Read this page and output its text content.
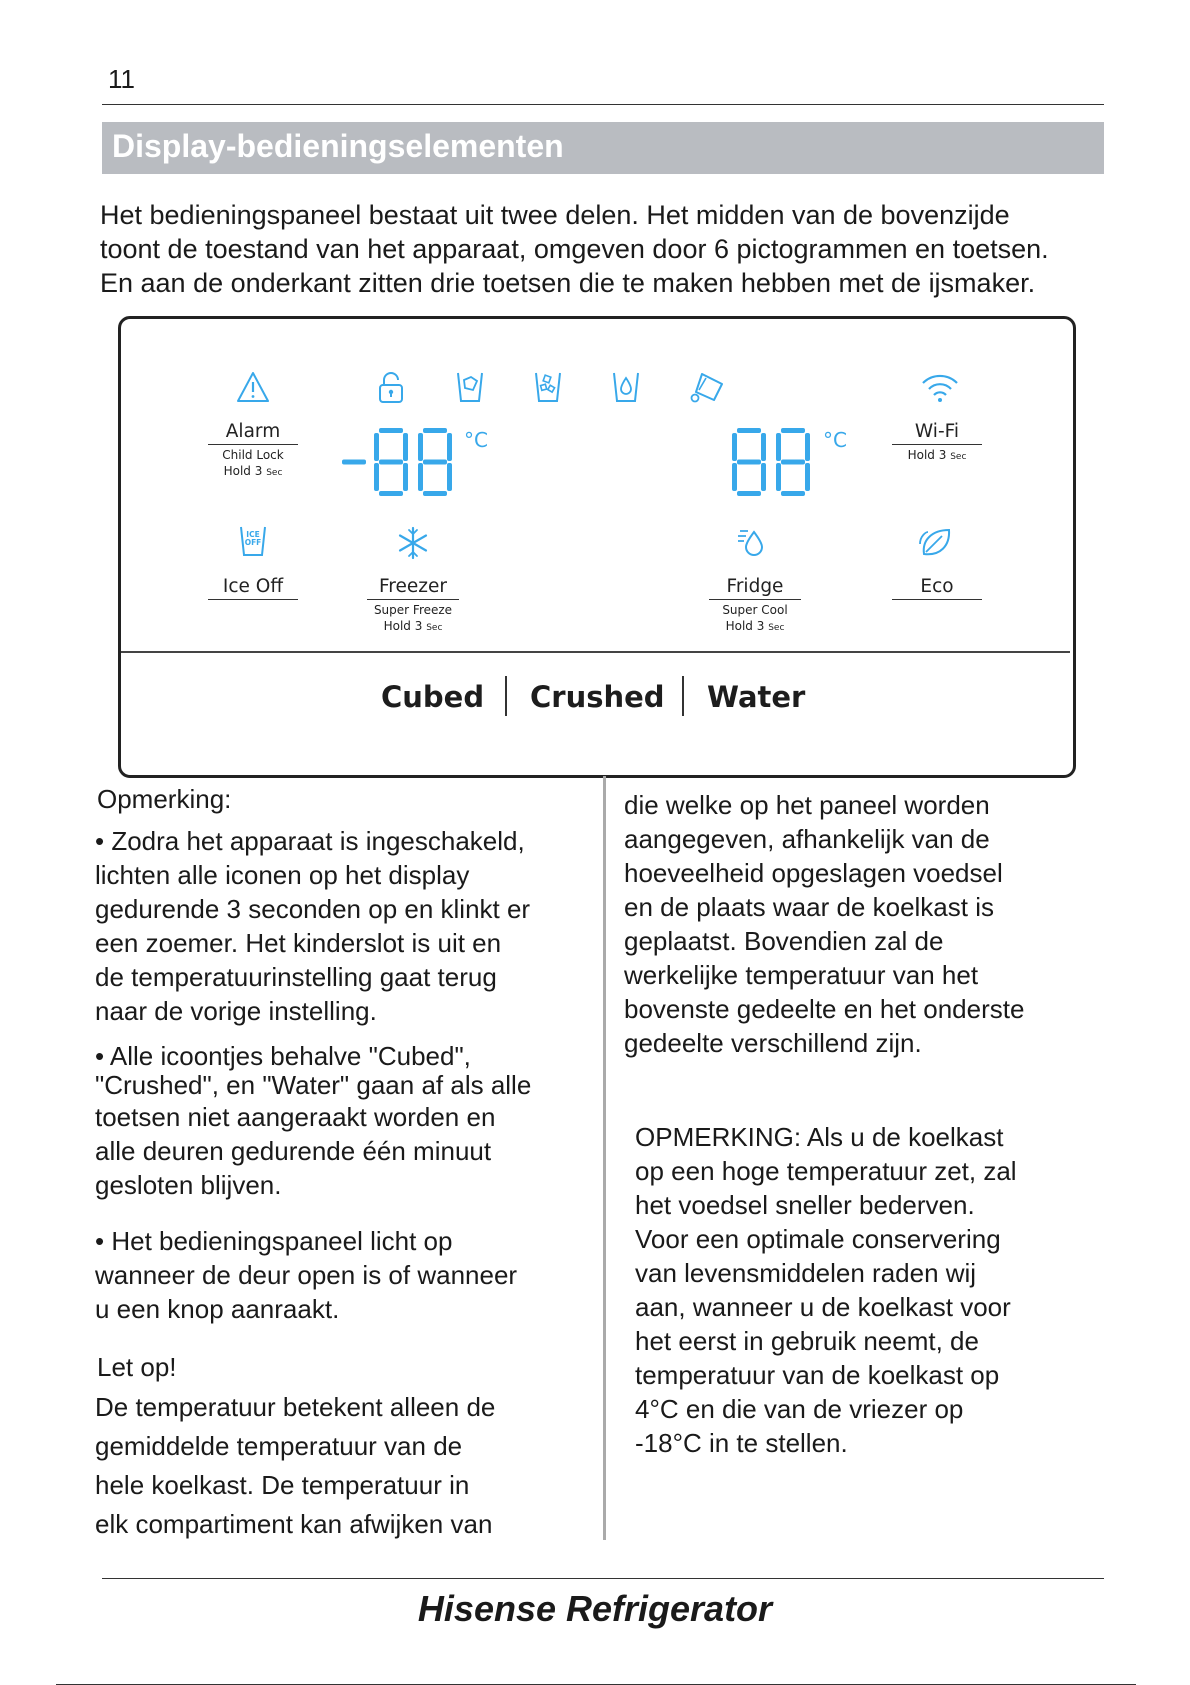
11
Display-bedieningselementen
Het bedieningspaneel bestaat uit twee delen. Het midden van de bovenzijde
toont de toestand van het apparaat, omgeven door 6 pictogrammen en toetsen.
En aan de onderkant zitten drie toetsen die te maken hebben met de ijsmaker.
Alarm
Child Lock
Hold 3 Sec
Wi-Fi
Hold 3 Sec
°C	°C
ICE
OFF
Ice Off	Freezer
Super Freeze
Hold 3 Sec
Fridge
Super Cool
Hold 3 Sec
Eco
Cubed Crushed Water
Opmerking:
• Zodra het apparaat is ingeschakeld,
lichten alle iconen op het display
gedurende 3 seconden op en klinkt er
een zoemer. Het kinderslot is uit en
de temperatuurinstelling gaat terug
naar de vorige instelling.
• Alle icoontjes behalve "Cubed",
"Crushed", en "Water" gaan af als alle
toetsen niet aangeraakt worden en
alle deuren gedurende één minuut
gesloten blijven.
• Het bedieningspaneel licht op
wanneer de deur open is of wanneer
u een knop aanraakt.
Let op!
De temperatuur betekent alleen de
gemiddelde temperatuur van de
hele koelkast. De temperatuur in
elk compartiment kan afwijken van
die welke op het paneel worden
aangegeven, afhankelijk van de
hoeveelheid opgeslagen voedsel
en de plaats waar de koelkast is
geplaatst. Bovendien zal de
werkelijke temperatuur van het
bovenste gedeelte en het onderste
gedeelte verschillend zijn.
OPMERKING: Als u de koelkast
op een hoge temperatuur zet, zal
het voedsel sneller bederven.
Voor een optimale conservering
van levensmiddelen raden wij
aan, wanneer u de koelkast voor
het eerst in gebruik neemt, de
temperatuur van de koelkast op
4°C en die van de vriezer op
-18°C in te stellen.
Hisense Refrigerator
